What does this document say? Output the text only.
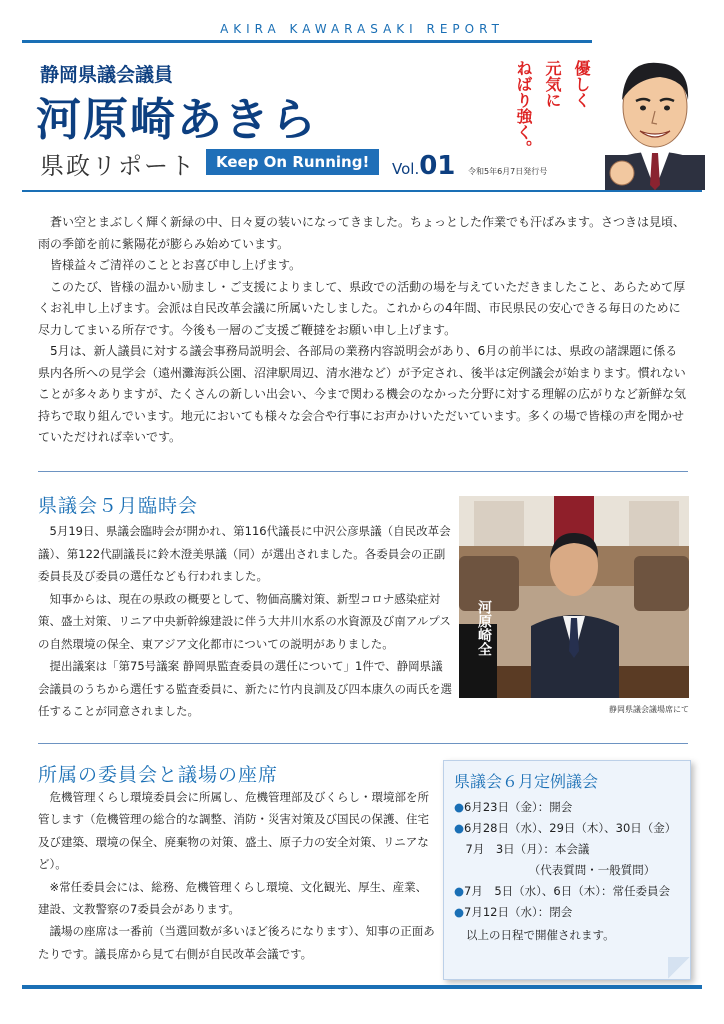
AKIRA KAWARASAKI REPORT
静岡県議会議員
河原崎あきら
県政リポート	Keep On Running!	Vol.01 令和5年6月7日発行号
優しく
元気に
ねばり強く。

蒼い空とまぶしく輝く新緑の中、日々夏の装いになってきました。ちょっとした作業でも汗ばみます。さつきは見頃、雨の季節を前に紫陽花が膨らみ始めています。

皆様益々ご清祥のこととお喜び申し上げます。

このたび、皆様の温かい励まし・ご支援によりまして、県政での活動の場を与えていただきましたこと、あらためて厚くお礼申し上げます。会派は自民改革会議に所属いたしました。これからの4年間、市民県民の安心できる毎日のために尽力してまいる所存です。今後も一層のご支援ご鞭撻をお願い申し上げます。

5月は、新人議員に対する議会事務局説明会、各部局の業務内容説明会があり、6月の前半には、県政の諸課題に係る県内各所への見学会（遠州灘海浜公園、沼津駅周辺、清水港など）が予定され、後半は定例議会が始まります。慣れないことが多々ありますが、たくさんの新しい出会い、今まで関わる機会のなかった分野に対する理解の広がりなど新鮮な気持ちで取り組んでいます。地元においても様々な会合や行事にお声かけいただいています。多くの場で皆様の声を聞かせていただければ幸いです。

県議会５月臨時会

5月19日、県議会臨時会が開かれ、第116代議長に中沢公彦県議（自民改革会議）、第122代副議長に鈴木澄美県議（同）が選出されました。各委員会の正副委員長及び委員の選任なども行われました。

知事からは、現在の県政の概要として、物価高騰対策、新型コロナ感染症対策、盛土対策、リニア中央新幹線建設に伴う大井川水系の水資源及び南アルプスの自然環境の保全、東アジア文化都市についての説明がありました。

提出議案は「第75号議案 静岡県監査委員の選任について」1件で、静岡県議会議員のうちから選任する監査委員に、新たに竹内良訓及び四本康久の両氏を選任することが同意されました。

河原崎全
静岡県議会議場席にて
所属の委員会と議場の座席

危機管理くらし環境委員会に所属し、危機管理部及びくらし・環境部を所管します（危機管理の総合的な調整、消防・災害対策及び国民の保護、住宅及び建築、環境の保全、廃棄物の対策、盛土、原子力の安全対策、リニアなど）。

※常任委員会には、総務、危機管理くらし環境、文化観光、厚生、産業、建設、文教警察の7委員会があります。

議場の座席は一番前（当選回数が多いほど後ろになります）、知事の正面あたりです。議長席から見て右側が自民改革会議です。

県議会６月定例議会
●6月23日（金）：開会
●6月28日（水）、29日（木）、30日（金）
　7月　3日（月）：本会議
　　　　　　　（代表質問・一般質問）
●7月　5日（水）、6日（木）：常任委員会
●7月12日（水）：閉会
以上の日程で開催されます。
